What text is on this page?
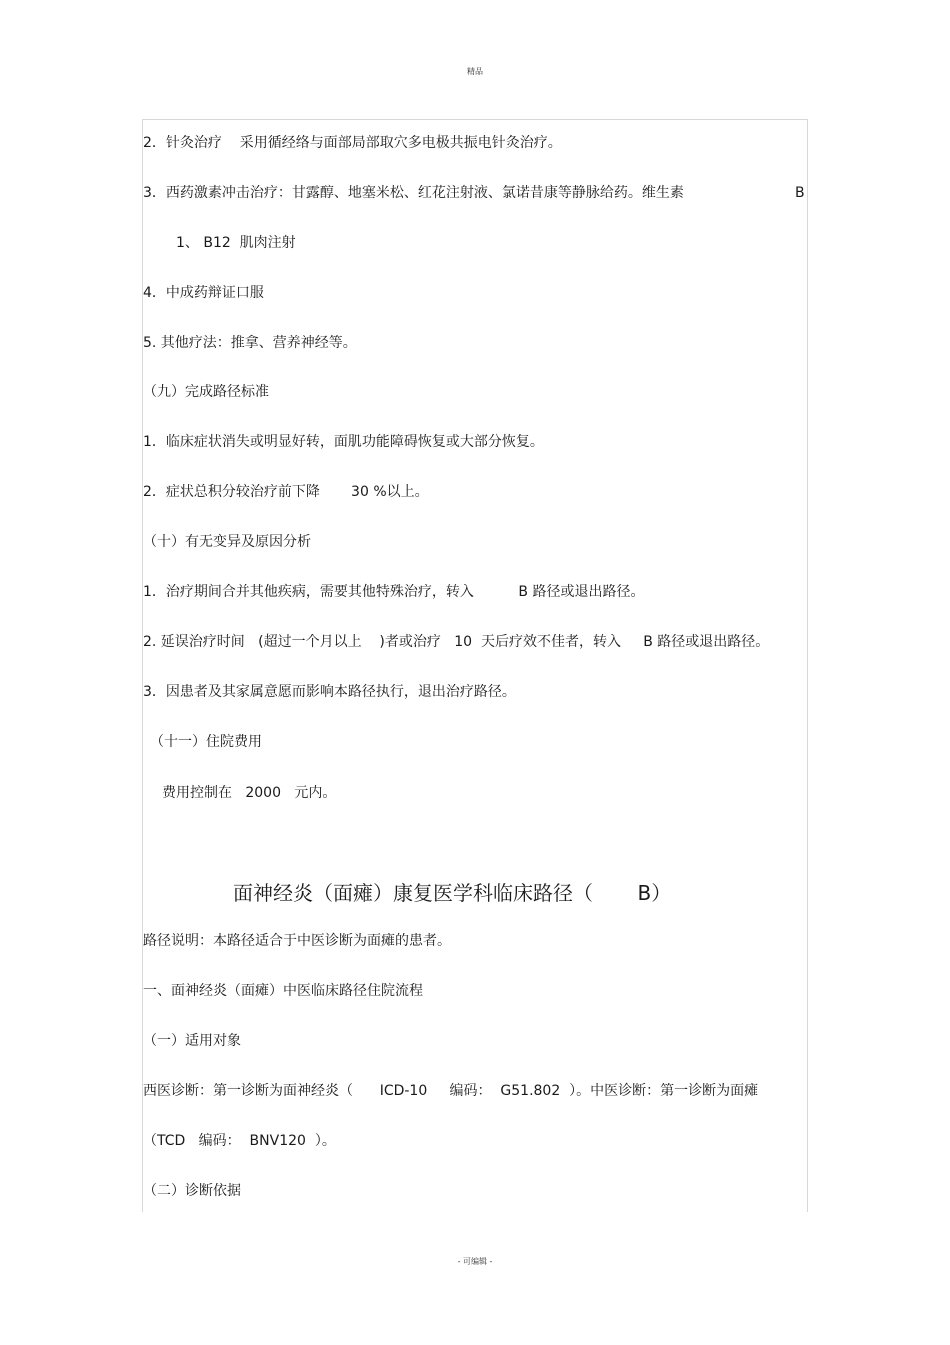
精品
2．针灸治疗    采用循经络与面部局部取穴多电极共振电针灸治疗。
3．西药激素冲击治疗：甘露醇、地塞米松、红花注射液、氯诺昔康等静脉给药。维生素	B
1、 B12  肌肉注射
4．中成药辩证口服
5. 其他疗法：推拿、营养神经等。
（九）完成路径标准
1．临床症状消失或明显好转，面肌功能障碍恢复或大部分恢复。
2．症状总积分较治疗前下降       30 %以上。
（十）有无变异及原因分析
1．治疗期间合并其他疾病，需要其他特殊治疗，转入          B 路径或退出路径。
2. 延误治疗时间   (超过一个月以上    )者或治疗   10  天后疗效不佳者，转入     B 路径或退出路径。
3．因患者及其家属意愿而影响本路径执行，退出治疗路径。
（十一）住院费用
费用控制在   2000   元内。
面神经炎（面瘫）康复医学科临床路径（       B）
路径说明：本路径适合于中医诊断为面瘫的患者。
一、面神经炎（面瘫）中医临床路径住院流程
（一）适用对象
西医诊断：第一诊断为面神经炎（      ICD-10     编码：  G51.802  ）。中医诊断：第一诊断为面瘫
（TCD   编码：  BNV120  ）。
（二）诊断依据
- 可编辑 -
